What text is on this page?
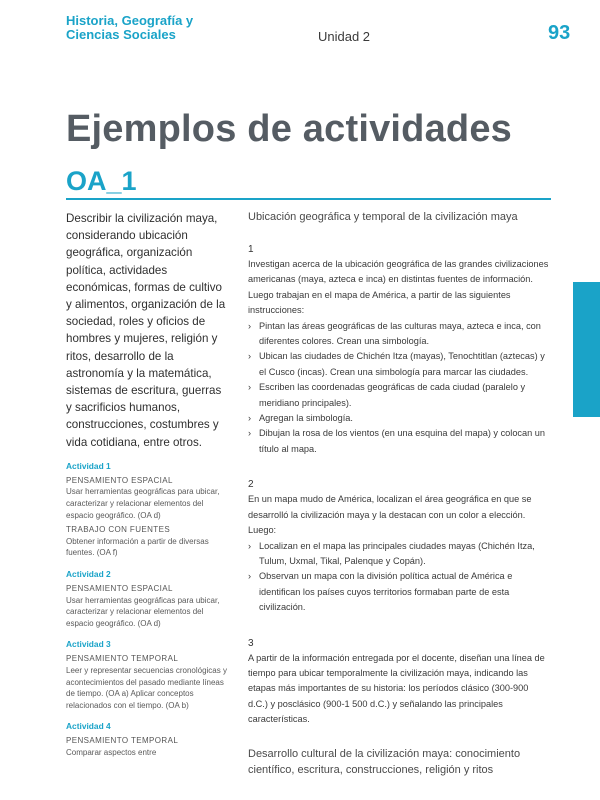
Historia, Geografía y Ciencias Sociales	Unidad 2	93
Ejemplos de actividades
OA_1

Describir la civilización maya, considerando ubicación geográfica, organización política, actividades económicas, formas de cultivo y alimentos, organización de la sociedad, roles y oficios de hombres y mujeres, religión y ritos, desarrollo de la astronomía y la matemática, sistemas de escritura, guerras y sacrificios humanos, construcciones, costumbres y vida cotidiana, entre otros.

Actividad 1

PENSAMIENTO ESPACIAL
Usar herramientas geográficas para ubicar, caracterizar y relacionar elementos del espacio geográfico. (OA d)

TRABAJO CON FUENTES
Obtener información a partir de diversas fuentes. (OA f)

Actividad 2

PENSAMIENTO ESPACIAL
Usar herramientas geográficas para ubicar, caracterizar y relacionar elementos del espacio geográfico. (OA d)

Actividad 3

PENSAMIENTO TEMPORAL
Leer y representar secuencias cronológicas y acontecimientos del pasado mediante líneas de tiempo. (OA a) Aplicar conceptos relacionados con el tiempo. (OA b)

Actividad 4

PENSAMIENTO TEMPORAL
Comparar aspectos entre

Ubicación geográfica y temporal de la civilización maya
1

Investigan acerca de la ubicación geográfica de las grandes civilizaciones americanas (maya, azteca e inca) en distintas fuentes de información. Luego trabajan en el mapa de América, a partir de las siguientes instrucciones:

› Pintan las áreas geográficas de las culturas maya, azteca e inca, con diferentes colores. Crean una simbología.
› Ubican las ciudades de Chichén Itza (mayas), Tenochtitlan (aztecas) y el Cusco (incas). Crean una simbología para marcar las ciudades.
› Escriben las coordenadas geográficas de cada ciudad (paralelo y meridiano principales).
› Agregan la simbología.
› Dibujan la rosa de los vientos (en una esquina del mapa) y colocan un título al mapa.
2

En un mapa mudo de América, localizan el área geográfica en que se desarrolló la civilización maya y la destacan con un color a elección. Luego:

› Localizan en el mapa las principales ciudades mayas (Chichén Itza, Tulum, Uxmal, Tikal, Palenque y Copán).
› Observan un mapa con la división política actual de América e identifican los países cuyos territorios formaban parte de esta civilización.
3

A partir de la información entregada por el docente, diseñan una línea de tiempo para ubicar temporalmente la civilización maya, indicando las etapas más importantes de su historia: los períodos clásico (300-900 d.C.) y posclásico (900-1 500 d.C.) y señalando las principales características.

Desarrollo cultural de la civilización maya: conocimiento científico, escritura, construcciones, religión y ritos
